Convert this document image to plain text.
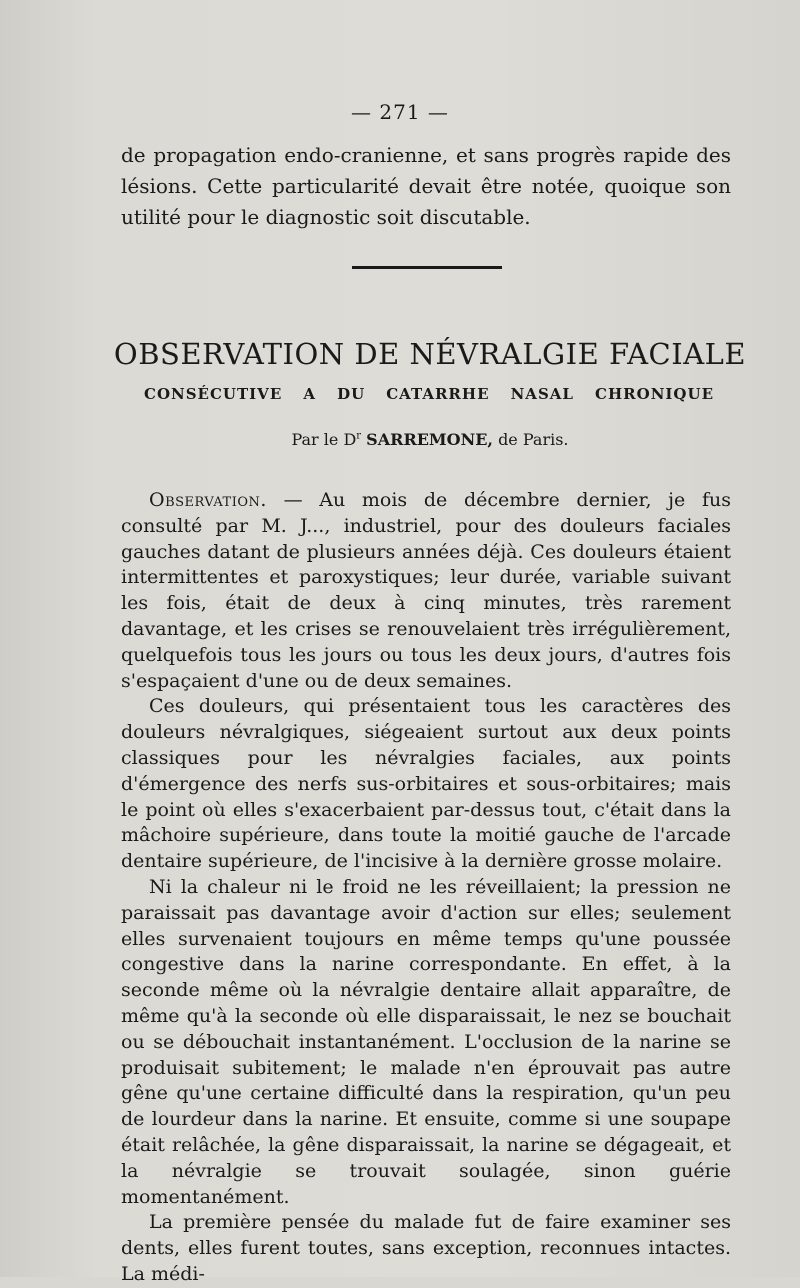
— 271 —

de propagation endo-cranienne, et sans progrès rapide des lésions. Cette particularité devait être notée, quoique son utilité pour le diagnostic soit discutable.

OBSERVATION DE NÉVRALGIE FACIALE
CONSÉCUTIVE A DU CATARRHE NASAL CHRONIQUE
Par le $D^r$ SARREMONE, de Paris.

Observation. — Au mois de décembre dernier, je fus consulté par M. J..., industriel, pour des douleurs faciales gauches datant de plusieurs années déjà. Ces douleurs étaient intermittentes et paroxystiques; leur durée, variable suivant les fois, était de deux à cinq minutes, très rarement davantage, et les crises se renouvelaient très irrégulièrement, quelquefois tous les jours ou tous les deux jours, d'autres fois s'espaçaient d'une ou de deux semaines.

Ces douleurs, qui présentaient tous les caractères des douleurs névralgiques, siégeaient surtout aux deux points classiques pour les névralgies faciales, aux points d'émergence des nerfs sus-orbitaires et sous-orbitaires; mais le point où elles s'exacerbaient par-dessus tout, c'était dans la mâchoire supérieure, dans toute la moitié gauche de l'arcade dentaire supérieure, de l'incisive à la dernière grosse molaire.

Ni la chaleur ni le froid ne les réveillaient; la pression ne paraissait pas davantage avoir d'action sur elles; seulement elles survenaient toujours en même temps qu'une poussée congestive dans la narine correspondante. En effet, à la seconde même où la névralgie dentaire allait apparaître, de même qu'à la seconde où elle disparaissait, le nez se bouchait ou se débouchait instantanément. L'occlusion de la narine se produisait subitement; le malade n'en éprouvait pas autre gêne qu'une certaine difficulté dans la respiration, qu'un peu de lourdeur dans la narine. Et ensuite, comme si une soupape était relâchée, la gêne disparaissait, la narine se dégageait, et la névralgie se trouvait soulagée, sinon guérie momentanément.

La première pensée du malade fut de faire examiner ses dents, elles furent toutes, sans exception, reconnues intactes. La médi-
